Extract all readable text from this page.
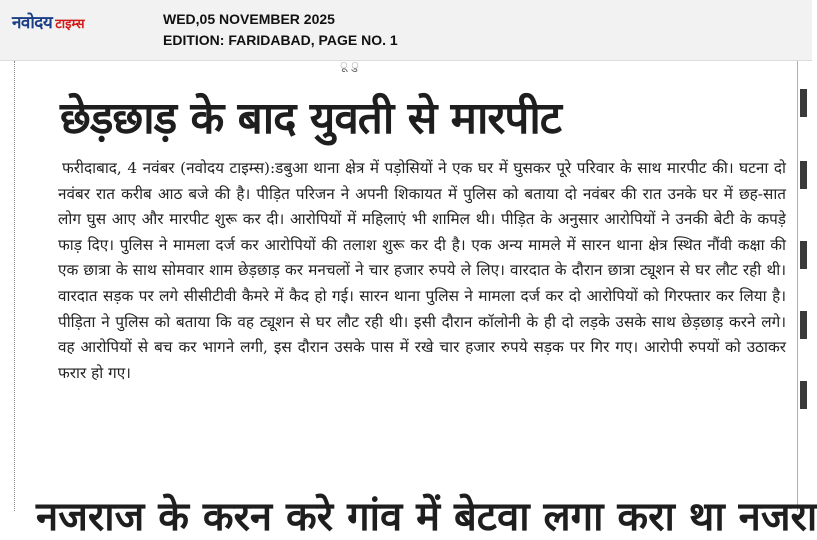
नवोदय टाइम्स	WED,05 NOVEMBER 2025
EDITION: FARIDABAD, PAGE NO. 1
ू ु
छेड़छाड़ के बाद युवती से मारपीट

फरीदाबाद, 4 नवंबर (नवोदय टाइम्स):डबुआ थाना क्षेत्र में पड़ोसियों ने एक घर में घुसकर पूरे परिवार के साथ मारपीट की। घटना दो नवंबर रात करीब आठ बजे की है। पीड़ित परिजन ने अपनी शिकायत में पुलिस को बताया दो नवंबर की रात उनके घर में छह-सात लोग घुस आए और मारपीट शुरू कर दी। आरोपियों में महिलाएं भी शामिल थी। पीड़ित के अनुसार आरोपियों ने उनकी बेटी के कपड़े फाड़ दिए। पुलिस ने मामला दर्ज कर आरोपियों की तलाश शुरू कर दी है। एक अन्य मामले में सारन थाना क्षेत्र स्थित नौंवी कक्षा की एक छात्रा के साथ सोमवार शाम छेड़छाड़ कर मनचलों ने चार हजार रुपये ले लिए। वारदात के दौरान छात्रा ट्यूशन से घर लौट रही थी। वारदात सड़क पर लगे सीसीटीवी कैमरे में कैद हो गई। सारन थाना पुलिस ने मामला दर्ज कर दो आरोपियों को गिरफ्तार कर लिया है। पीड़िता ने पुलिस को बताया कि वह ट्यूशन से घर लौट रही थी। इसी दौरान कॉलोनी के ही दो लड़के उसके साथ छेड़छाड़ करने लगे। वह आरोपियों से बच कर भागने लगी, इस दौरान उसके पास में रखे चार हजार रुपये सड़क पर गिर गए। आरोपी रुपयों को उठाकर फरार हो गए।

नजराज के करन करे गांव में बेटवा लगा करा था नजरा
